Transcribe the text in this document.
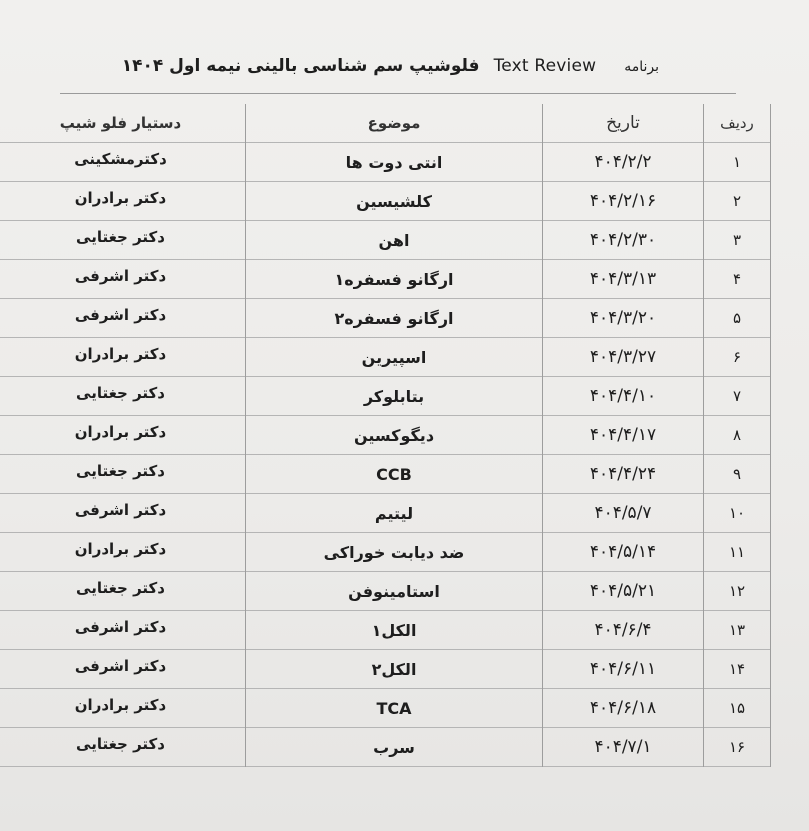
برنامهText Reviewفلوشیپ سم شناسی بالینی نیمه اول ۱۴۰۴
ردیف	تاریخ	موضوع	دستیار فلو شیپ
۱	۴۰۴/۲/۲	انتی دوت ها	دکترمشکینی
۲	۴۰۴/۲/۱۶	کلشیسین	دکتر برادران
۳	۴۰۴/۲/۳۰	اهن	دکتر جغتایی
۴	۴۰۴/۳/۱۳	ارگانو فسفره۱	دکتر اشرفی
۵	۴۰۴/۳/۲۰	ارگانو فسفره۲	دکتر اشرفی
۶	۴۰۴/۳/۲۷	اسپیرین	دکتر برادران
۷	۴۰۴/۴/۱۰	بتابلوکر	دکتر جغتایی
۸	۴۰۴/۴/۱۷	دیگوکسین	دکتر برادران
۹	۴۰۴/۴/۲۴	CCB	دکتر جغتایی
۱۰	۴۰۴/۵/۷	لیتیم	دکتر اشرفی
۱۱	۴۰۴/۵/۱۴	ضد دیابت خوراکی	دکتر برادران
۱۲	۴۰۴/۵/۲۱	استامینوفن	دکتر جغتایی
۱۳	۴۰۴/۶/۴	الکل۱	دکتر اشرفی
۱۴	۴۰۴/۶/۱۱	الکل۲	دکتر اشرفی
۱۵	۴۰۴/۶/۱۸	TCA	دکتر برادران
۱۶	۴۰۴/۷/۱	سرب	دکتر جغتایی
